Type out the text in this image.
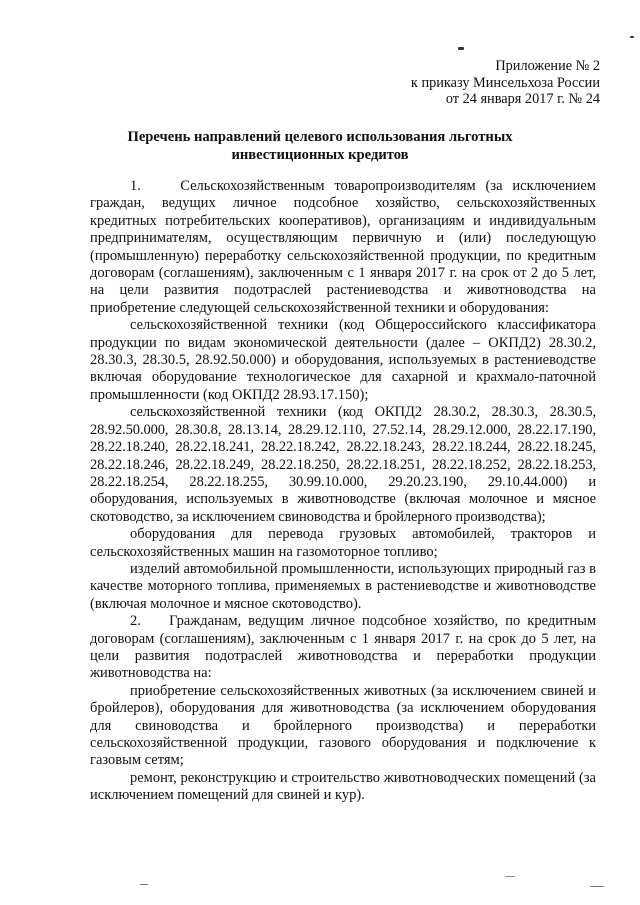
Приложение № 2
к приказу Минсельхоза России
от 24 января 2017 г. № 24
Перечень направлений целевого использования льготных
инвестиционных кредитов

1.    Сельскохозяйственным товаропроизводителям (за исключением граждан, ведущих личное подсобное хозяйство, сельскохозяйственных кредитных потребительских кооперативов), организациям и индивидуальным предпринимателям, осуществляющим первичную и (или) последующую (промышленную) переработку сельскохозяйственной продукции, по кредитным договорам (соглашениям), заключенным с 1 января 2017 г. на срок от 2 до 5 лет, на цели развития подотраслей растениеводства и животноводства на приобретение следующей сельскохозяйственной техники и оборудования:

сельскохозяйственной техники (код Общероссийского классификатора продукции по видам экономической деятельности (далее – ОКПД2) 28.30.2, 28.30.3, 28.30.5, 28.92.50.000) и оборудования, используемых в растениеводстве включая оборудование технологическое для сахарной и крахмало-паточной промышленности (код ОКПД2 28.93.17.150);

сельскохозяйственной техники (код ОКПД2 28.30.2, 28.30.3, 28.30.5, 28.92.50.000, 28.30.8, 28.13.14, 28.29.12.110, 27.52.14, 28.29.12.000, 28.22.17.190, 28.22.18.240, 28.22.18.241, 28.22.18.242, 28.22.18.243, 28.22.18.244, 28.22.18.245, 28.22.18.246, 28.22.18.249, 28.22.18.250, 28.22.18.251, 28.22.18.252, 28.22.18.253, 28.22.18.254, 28.22.18.255, 30.99.10.000, 29.20.23.190, 29.10.44.000) и оборудования, используемых в животноводстве (включая молочное и мясное скотоводство, за исключением свиноводства и бройлерного производства);

оборудования для перевода грузовых автомобилей, тракторов и сельскохозяйственных машин на газомоторное топливо;

изделий автомобильной промышленности, использующих природный газ в качестве моторного топлива, применяемых в растениеводстве и животноводстве (включая молочное и мясное скотоводство).

2.    Гражданам, ведущим личное подсобное хозяйство, по кредитным договорам (соглашениям), заключенным с 1 января 2017 г. на срок до 5 лет, на цели развития подотраслей животноводства и переработки продукции животноводства на:

приобретение сельскохозяйственных животных (за исключением свиней и бройлеров), оборудования для животноводства (за исключением оборудования для свиноводства и бройлерного производства) и переработки сельскохозяйственной продукции, газового оборудования и подключение к газовым сетям;

ремонт, реконструкцию и строительство животноводческих помещений (за исключением помещений для свиней и кур).
